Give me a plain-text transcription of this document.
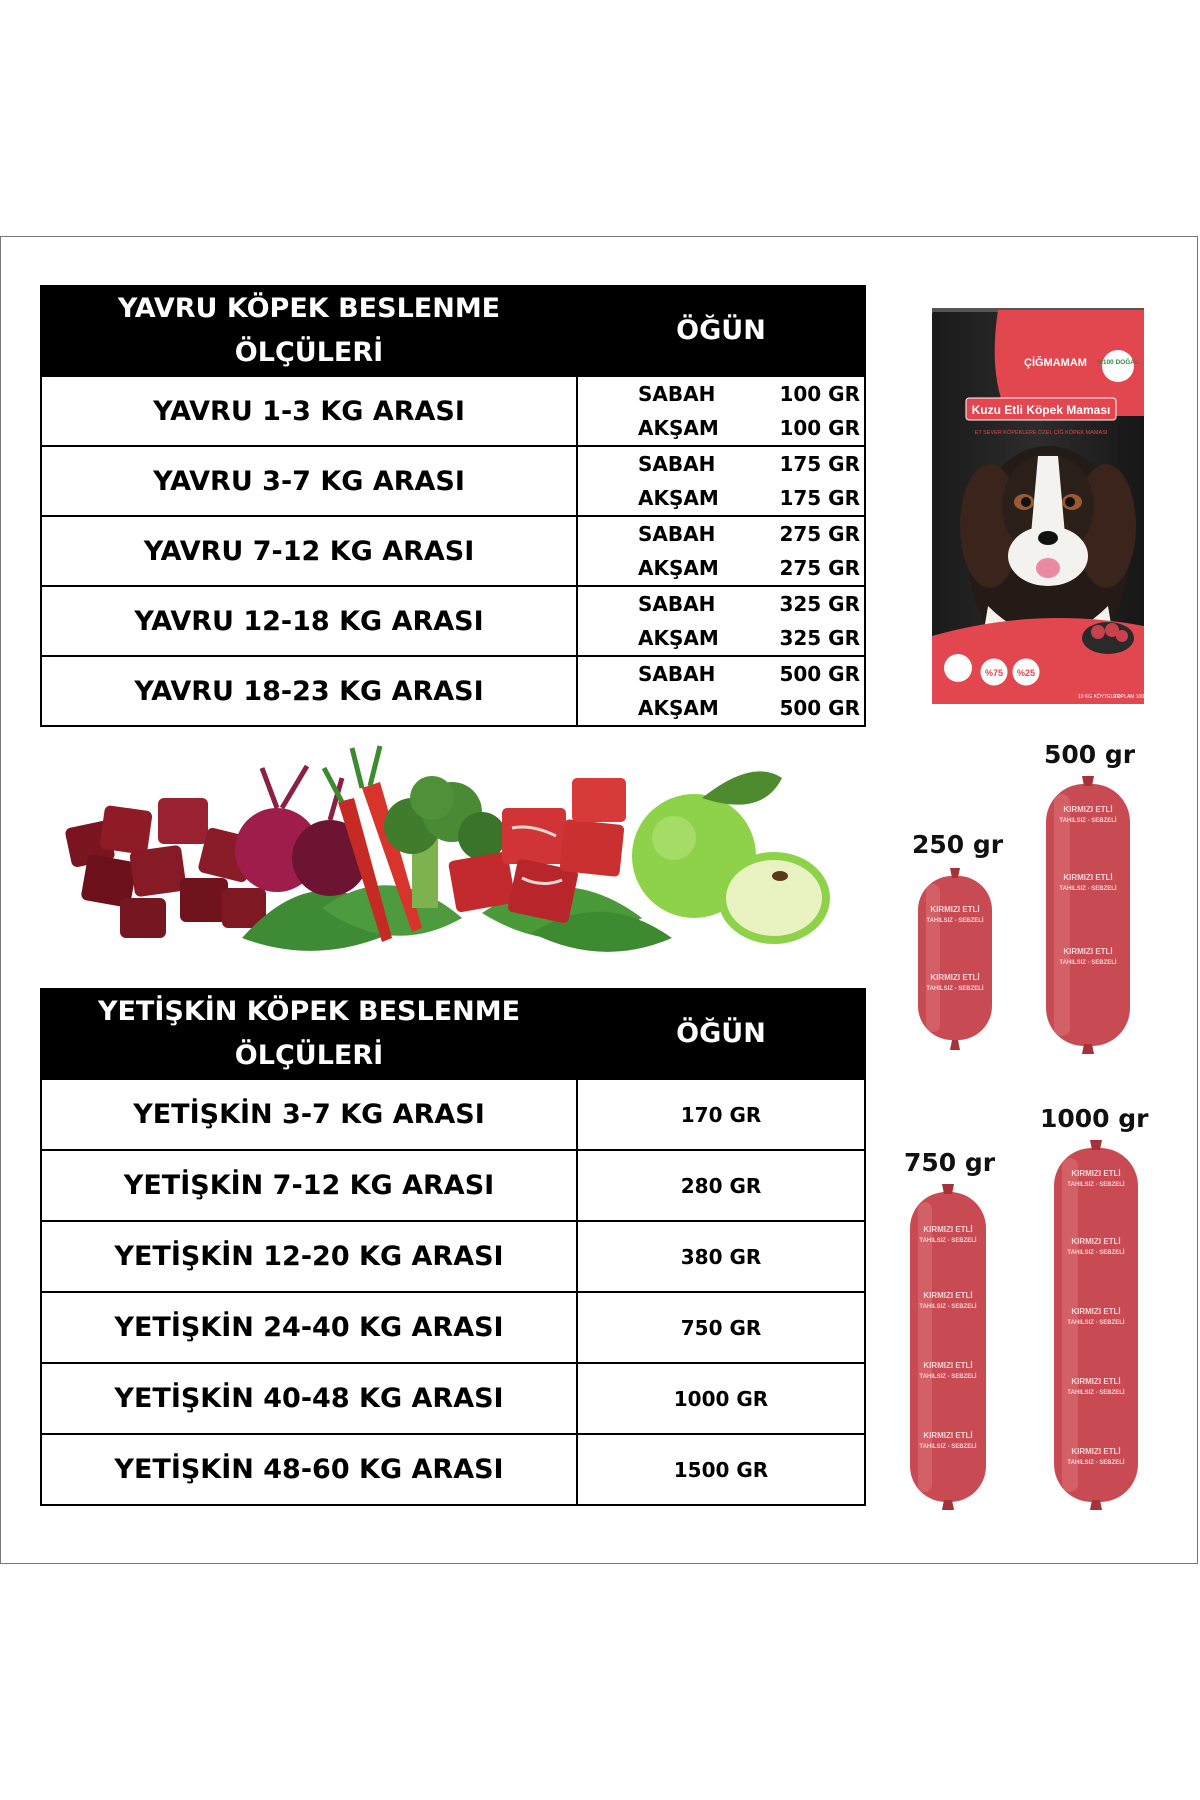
YAVRU KÖPEK BESLENME
ÖLÇÜLERİ	ÖĞÜN
YAVRU 1-3 KG ARASI	SABAH 100 GR
AKŞAM 100 GR

YAVRU 3-7 KG ARASI	SABAH 175 GR
AKŞAM 175 GR

YAVRU 7-12 KG ARASI	SABAH 275 GR
AKŞAM 275 GR

YAVRU 12-18 KG ARASI	SABAH 325 GR
AKŞAM 325 GR

YAVRU 18-23 KG ARASI	SABAH 500 GR
AKŞAM 500 GR
ÇİĞMAMAM %100 DOĞAL
Kuzu Etli Köpek Maması
ET SEVER KÖPEKLERE ÖZEL ÇİĞ KÖPEK MAMASI
%75 %25
10 KG KÖYTELER
TOPLAM 1000 GR
YETİŞKİN KÖPEK BESLENME
ÖLÇÜLERİ	ÖĞÜN
YETİŞKİN 3-7 KG ARASI	170 GR
YETİŞKİN 7-12 KG ARASI	280 GR
YETİŞKİN 12-20 KG ARASI	380 GR
YETİŞKİN 24-40 KG ARASI	750 GR
YETİŞKİN 40-48 KG ARASI	1000 GR
YETİŞKİN 48-60 KG ARASI	1500 GR
500 gr
250 gr
750 gr
1000 gr
KIRMIZI ETLİ
TAHILSIZ - SEBZELİ
KIRMIZI ETLİ
TAHILSIZ - SEBZELİ
KIRMIZI ETLİ
TAHILSIZ - SEBZELİ
KIRMIZI ETLİ
TAHILSIZ - SEBZELİ
KIRMIZI ETLİ
TAHILSIZ - SEBZELİ
KIRMIZI ETLİ
TAHILSIZ - SEBZELİ
KIRMIZI ETLİ
TAHILSIZ - SEBZELİ
KIRMIZI ETLİ
TAHILSIZ - SEBZELİ
KIRMIZI ETLİ
TAHILSIZ - SEBZELİ
KIRMIZI ETLİ
TAHILSIZ - SEBZELİ
KIRMIZI ETLİ
TAHILSIZ - SEBZELİ
KIRMIZI ETLİ
TAHILSIZ - SEBZELİ
KIRMIZI ETLİ
TAHILSIZ - SEBZELİ
KIRMIZI ETLİ
TAHILSIZ - SEBZELİ
